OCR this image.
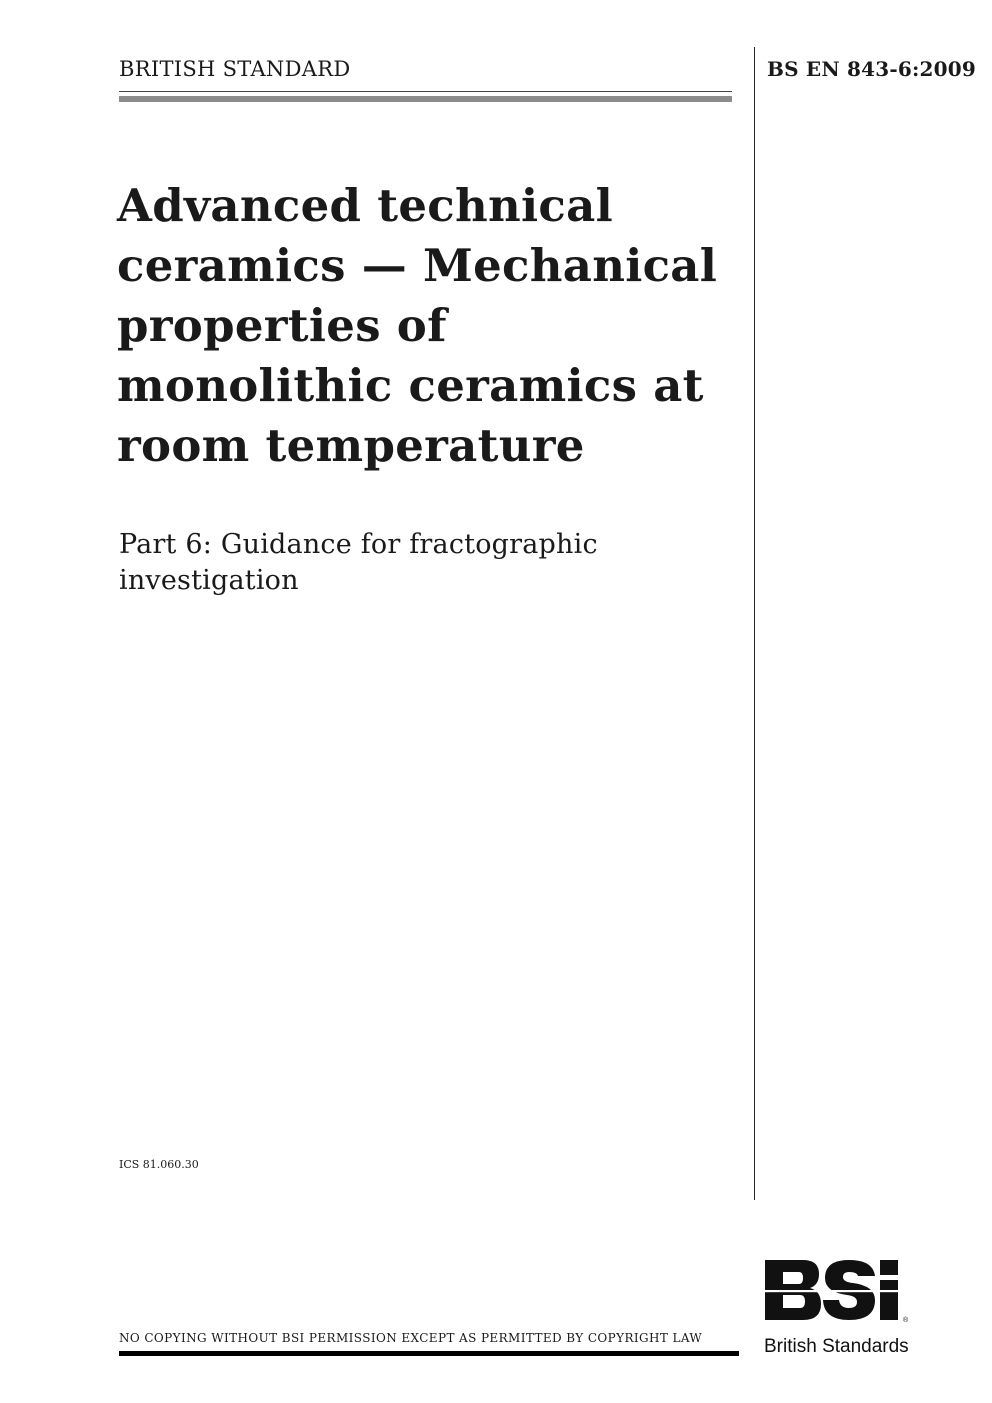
BRITISH STANDARD	BS EN 843-6:2009
Advanced technical ceramics — Mechanical properties of monolithic ceramics at room temperature
Part 6: Guidance for fractographic investigation
ICS 81.060.30
NO COPYING WITHOUT BSI PERMISSION EXCEPT AS PERMITTED BY COPYRIGHT LAW
®
British Standards
